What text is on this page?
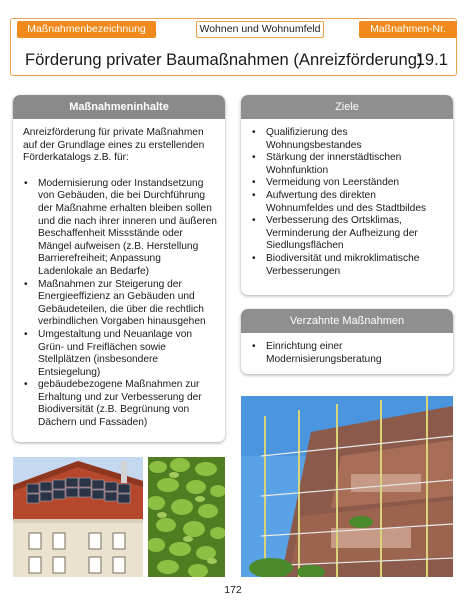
Maßnahmenbezeichnung	Wohnen und Wohnumfeld	Maßnahmen-Nr.
Förderung privater Baumaßnahmen (Anreizförderung)
19.1
Maßnahmeninhalte

Anreizförderung für private Maßnahmen auf der Grundlage eines zu erstellenden Förderkatalogs z.B. für:

• Modernisierung oder Instandsetzung von Gebäuden, die bei Durchführung der Maßnahme erhalten bleiben sollen und die nach ihrer inneren und äußeren Beschaffenheit Missstände oder Mängel aufweisen (z.B. Herstellung Barrierefreiheit; Anpassung Ladenlokale an Bedarfe)
• Maßnahmen zur Steigerung der Energieeffizienz an Gebäuden und Gebäudeteilen, die über die rechtlich verbindlichen Vorgaben hinausgehen
• Umgestaltung und Neuanlage von Grün- und Freiflächen sowie Stellplätzen (insbesondere Entsiegelung)
• gebäudebezogene Maßnahmen zur Erhaltung und zur Verbesserung der Biodiversität (z.B. Begrünung von Dächern und Fassaden)
Ziele
• Qualifizierung des Wohnungsbestandes
• Stärkung der innerstädtischen Wohnfunktion
• Vermeidung von Leerständen
• Aufwertung des direkten Wohnumfeldes und des Stadtbildes
• Verbesserung des Ortsklimas, Verminderung der Aufheizung der Siedlungsflächen
• Biodiversität und mikroklimatische Verbesserungen
Verzahnte Maßnahmen
• Einrichtung einer Modernisierungsberatung
172
